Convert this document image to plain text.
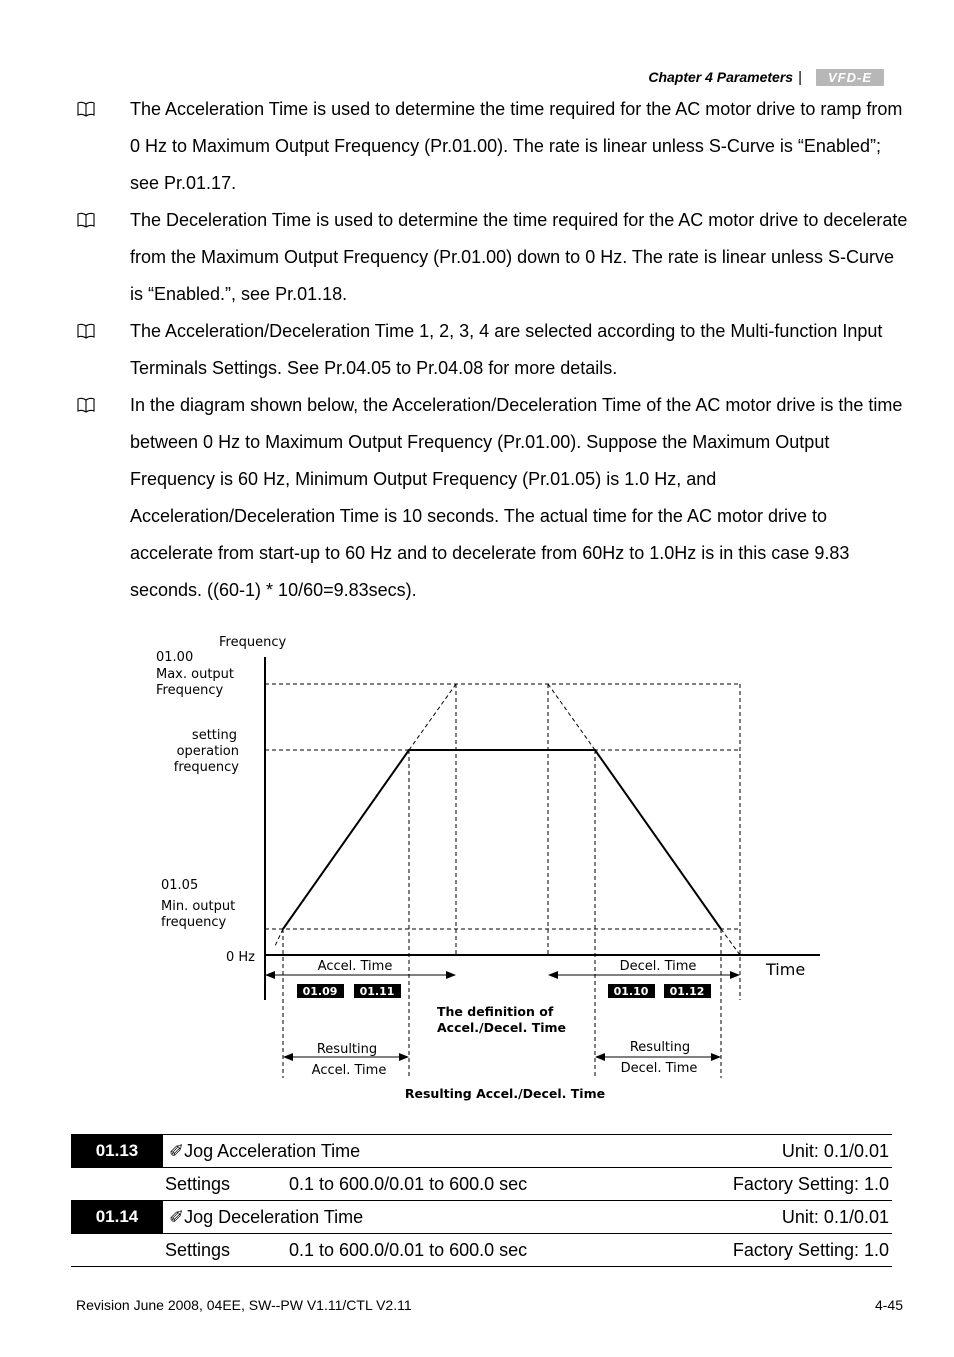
Chapter 4 Parameters |	VFD-E

The Acceleration Time is used to determine the time required for the AC motor drive to ramp from 0 Hz to Maximum Output Frequency (Pr.01.00). The rate is linear unless S-Curve is “Enabled”; see Pr.01.17.

The Deceleration Time is used to determine the time required for the AC motor drive to decelerate from the Maximum Output Frequency (Pr.01.00) down to 0 Hz. The rate is linear unless S-Curve is “Enabled.”, see Pr.01.18.

The Acceleration/Deceleration Time 1, 2, 3, 4 are selected according to the Multi-function Input Terminals Settings. See Pr.04.05 to Pr.04.08 for more details.

In the diagram shown below, the Acceleration/Deceleration Time of the AC motor drive is the time between 0 Hz to Maximum Output Frequency (Pr.01.00). Suppose the Maximum Output Frequency is 60 Hz, Minimum Output Frequency (Pr.01.05) is 1.0 Hz, and Acceleration/Deceleration Time is 10 seconds. The actual time for the AC motor drive to accelerate from start-up to 60 Hz and to decelerate from 60Hz to 1.0Hz is in this case 9.83 seconds. ((60-1) * 10/60=9.83secs).

01.09 01.11	01.10 01.12
Frequency
01.00
Max. output
Frequency
setting
operation
frequency
01.05
Min. output
frequency
0 Hz
Accel. Time	Decel. Time
Resulting
Accel. Time
Resulting
Decel. Time
Time
The definition of
Accel./Decel. Time
Resulting Accel./Decel. Time
01.13	✐Jog Acceleration Time		Unit: 0.1/0.01
	Settings	0.1 to 600.0/0.01 to 600.0 sec	Factory Setting: 1.0
01.14	✐Jog Deceleration Time		Unit: 0.1/0.01
	Settings	0.1 to 600.0/0.01 to 600.0 sec	Factory Setting: 1.0
Revision June 2008, 04EE, SW--PW V1.11/CTL V2.11	4-45
